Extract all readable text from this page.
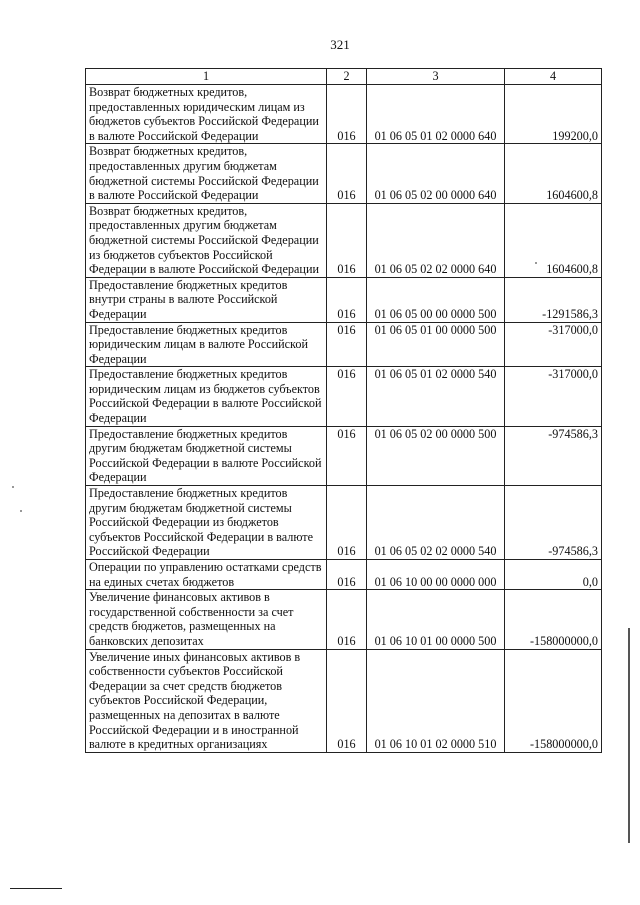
321
1	2	3	4
Возврат бюджетных кредитов, предоставленных юридическим лицам из бюджетов субъектов Российской Федерации в валюте Российской Федерации	016	01 06 05 01 02 0000 640	199200,0
Возврат бюджетных кредитов, предоставленных другим бюджетам бюджетной системы Российской Федерации в валюте Российской Федерации	016	01 06 05 02 00 0000 640	1604600,8
Возврат бюджетных кредитов, предоставленных другим бюджетам бюджетной системы Российской Федерации из бюджетов субъектов Российской Федерации в валюте Российской Федерации	016	01 06 05 02 02 0000 640	1604600,8
Предоставление бюджетных кредитов внутри страны в валюте Российской Федерации	016	01 06 05 00 00 0000 500	-1291586,3
Предоставление бюджетных кредитов юридическим лицам в валюте Российской Федерации	016	01 06 05 01 00 0000 500	-317000,0
Предоставление бюджетных кредитов юридическим лицам из бюджетов субъектов Российской Федерации в валюте Российской Федерации	016	01 06 05 01 02 0000 540	-317000,0
Предоставление бюджетных кредитов другим бюджетам бюджетной системы Российской Федерации в валюте Российской Федерации	016	01 06 05 02 00 0000 500	-974586,3
Предоставление бюджетных кредитов другим бюджетам бюджетной системы Российской Федерации из бюджетов субъектов Российской Федерации в валюте Российской Федерации	016	01 06 05 02 02 0000 540	-974586,3
Операции по управлению остатками средств на единых счетах бюджетов	016	01 06 10 00 00 0000 000	0,0
Увеличение финансовых активов в государственной собственности за счет средств бюджетов, размещенных на банковских депозитах	016	01 06 10 01 00 0000 500	-158000000,0
Увеличение иных финансовых активов в собственности субъектов Российской Федерации за счет средств бюджетов субъектов Российской Федерации, размещенных на депозитах в валюте Российской Федерации и в иностранной валюте в кредитных организациях	016	01 06 10 01 02 0000 510	-158000000,0
